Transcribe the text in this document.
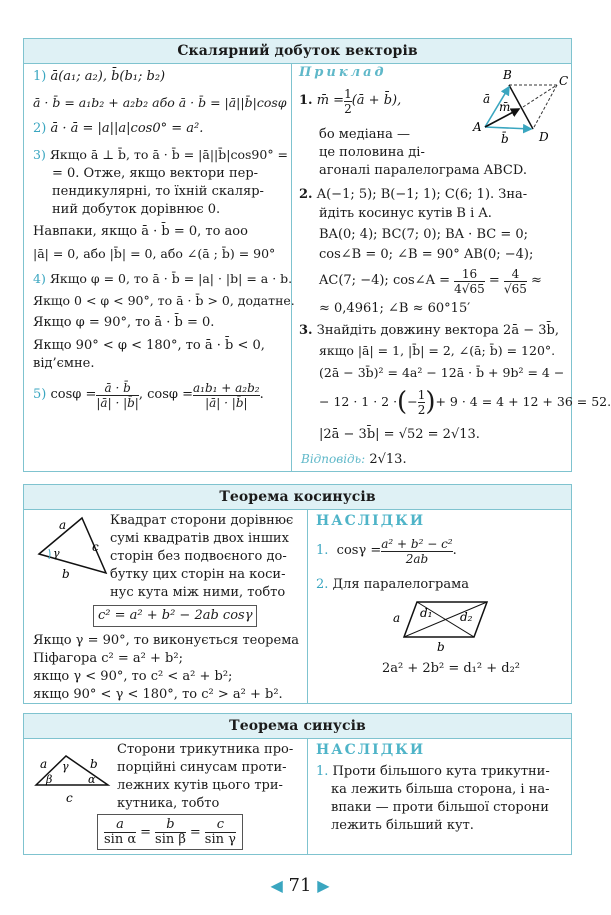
Скалярний добуток векторів
1) ā(a₁; a₂), b̄(b₁; b₂)
ā · b̄ = a₁b₂ + a₂b₂ або ā · b̄ = |ā||b̄|cosφ
2) ā · ā = |a||a|cos0° = a².
3) Якщо ā ⊥ b̄, то ā · b̄ = |ā||b̄|cos90° =
= 0. Отже, якщо вектори пер-
пендикулярні, то їхній скаляр-
ний добуток дорівнює 0.
Навпаки, якщо ā · b̄ = 0, то аоо
|ā| = 0, або |b̄| = 0, або ∠(ā ; b̄) = 90°
4) Якщо φ = 0, то ā · b̄ = |a| · |b| = a · b.
Якщо 0 < φ < 90°, то ā · b̄ > 0, додатне.
Якщо φ = 90°, то ā · b̄ = 0.
Якщо 90° < φ < 180°, то ā · b̄ < 0,
від’ємне.
5)
$\cos\varphi = \frac{ā \cdot b̄}{|ā| \cdot |b̄|}$ , $\cos\varphi = \frac{\text{a₁b₁ + a₂b₂}}{|ā| \cdot |b̄|}$ .
Приклад
1.
m̄ = $\frac{1}{2}$ (ā + b̄),
бо медіана —
це половина ді-
агоналі паралелограма ABCD.
B	C
A
D
ā
m̄
b̄
2. A(−1; 5); B(−1; 1); C(6; 1). Зна-
йдіть косинус кутів B і A.
BA(0; 4); BC(7; 0); BA · BC = 0;
cos∠B = 0; ∠B = 90° AB(0; −4);
AC(7; −4); cos∠A =
$\frac{16}{4√65}$
=
$\frac{4}{√65}$
≈
≈ 0,4961; ∠B ≈ 60°15′
3. Знайдіть довжину вектора 2ā − 3b̄,
якщо |ā| = 1, |b̄| = 2, ∠(ā; b̄) = 120°.
(2ā − 3b̄)² = 4a² − 12ā · b̄ + 9b² = 4 −
− 12 · 1 · 2 · ( − $\frac{1}{2}$ ) + 9 · 4 = 4 + 12 + 36 = 52.
|2ā − 3b̄| = √52 = 2√13.
Відповідь: 2√13.
Теорема косинусів
a
c
b
γ
Квадрат сторони дорівнює
сумі квадратів двох інших
сторін без подвоєного до-
бутку цих сторін на коси-
нус кута між ними, тобто
c² = a² + b² − 2ab cosγ
Якщо γ = 90°, то виконується теорема
Піфагора c² = a² + b²;
якщо γ < 90°, то c² < a² + b²;
якщо 90° < γ < 180°, то c² > a² + b².
НАСЛІДКИ
1.
$\cos\gamma = \frac{\text{a² + b² − c²}}{2ab}$ .
2. Для паралелограма
a d₁ d₂
b
2a² + 2b² = d₁² + d₂²
Теорема синусів
a	b
c
γ
β	α
Сторони трикутника про-
порційні синусам проти-
лежних кутів цього три-
кутника, тобто
$\frac{a}{\text{sin α}} = \frac{b}{\text{sin β}} = \frac{c}{\text{sin γ}}$
НАСЛІДКИ
1. Проти більшого кута трикутни-
ка лежить більша сторона, і на-
впаки — проти більшої сторони
лежить більший кут.
◀ 71 ▶
